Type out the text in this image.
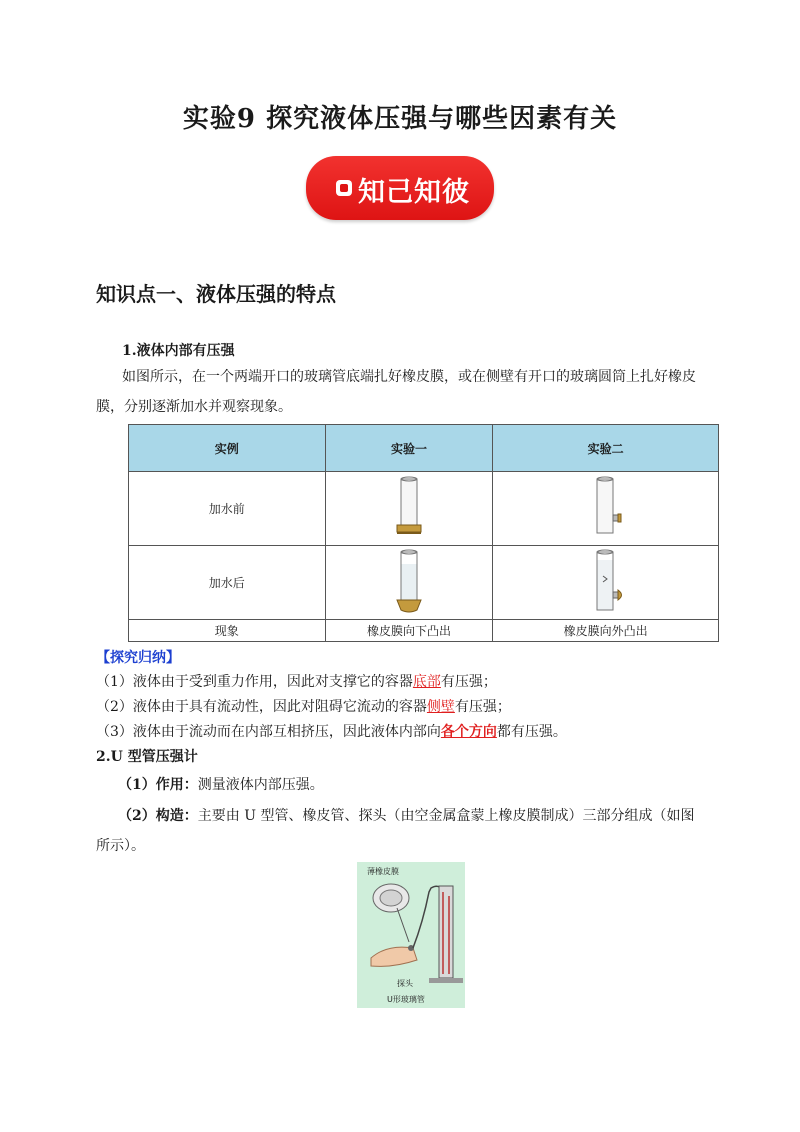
实验9 探究液体压强与哪些因素有关
知己知彼
知识点一、液体压强的特点
1.液体内部有压强
如图所示，在一个两端开口的玻璃管底端扎好橡皮膜，或在侧壁有开口的玻璃圆筒上扎好橡皮
膜，分别逐渐加水并观察现象。
实例	实验一	实验二
加水前		
加水后		
现象	橡皮膜向下凸出	橡皮膜向外凸出
【探究归纳】
（1）液体由于受到重力作用，因此对支撑它的容器底部有压强；
（2）液体由于具有流动性，因此对阻碍它流动的容器侧壁有压强；
（3）液体由于流动而在内部互相挤压，因此液体内部向各个方向都有压强。
2.U 型管压强计
（1）作用：测量液体内部压强。
（2）构造：主要由 U 型管、橡皮管、探头（由空金属盒蒙上橡皮膜制成）三部分组成（如图
所示）。
薄橡皮膜
探头
U形玻璃管
